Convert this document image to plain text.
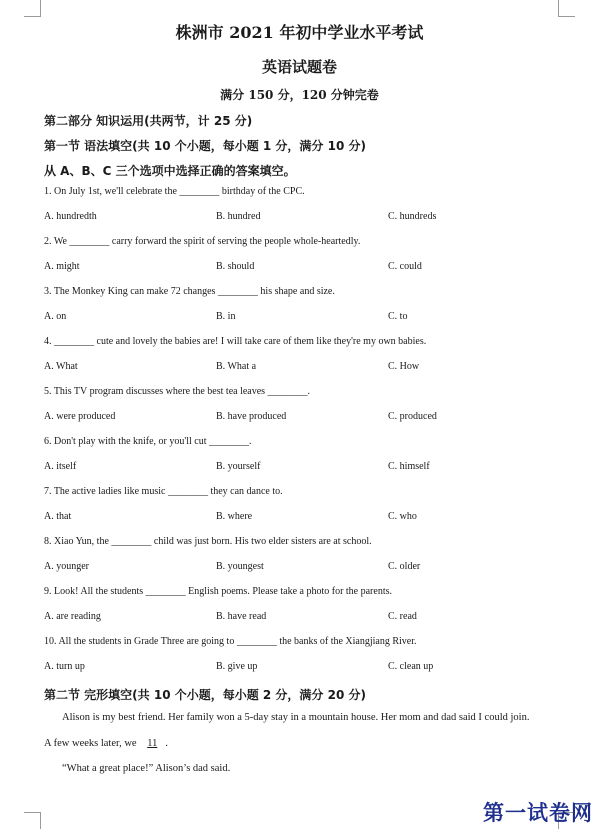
株洲市 2021 年初中学业水平考试
英语试题卷
满分 150 分，120 分钟完卷
第二部分 知识运用(共两节，计 25 分)
第一节 语法填空(共 10 个小题，每小题 1 分，满分 10 分)
从 A、B、C 三个选项中选择正确的答案填空。
1. On July 1st, we'll celebrate the ________ birthday of the CPC.
A. hundredth	B. hundred	C. hundreds
2. We ________ carry forward the spirit of serving the people whole-heartedly.
A. might	B. should	C. could
3. The Monkey King can make 72 changes ________ his shape and size.
A. on	B. in	C. to
4. ________ cute and lovely the babies are! I will take care of them like they're my own babies.
A. What	B. What a	C. How
5. This TV program discusses where the best tea leaves ________.
A. were produced	B. have produced	C. produced
6. Don't play with the knife, or you'll cut ________.
A. itself	B. yourself	C. himself
7. The active ladies like music ________ they can dance to.
A. that	B. where	C. who
8. Xiao Yun, the ________ child was just born. His two elder sisters are at school.
A. younger	B. youngest	C. older
9. Look! All the students ________ English poems. Please take a photo for the parents.
A. are reading	B. have read	C. read
10. All the students in Grade Three are going to ________ the banks of the Xiangjiang River.
A. turn up	B. give up	C. clean up
第二节 完形填空(共 10 个小题，每小题 2 分，满分 20 分)
Alison is my best friend. Her family won a 5-day stay in a mountain house. Her mom and dad said I could join.
A few weeks later, we 11 .
“What a great place!” Alison’s dad said.
第一试卷网
